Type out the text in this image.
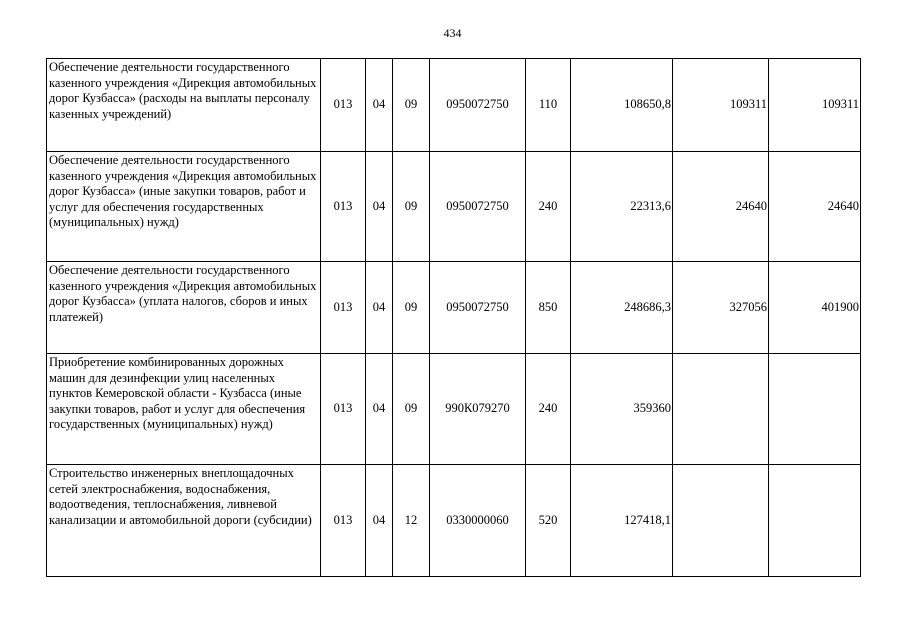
434
Обеспечение деятельности государственного казенного учреждения «Дирекция автомобильных дорог Кузбасса» (расходы на выплаты персоналу казенных учреждений)	013	04	09	0950072750	110	108650,8	109311	109311
Обеспечение деятельности государственного казенного учреждения «Дирекция автомобильных дорог Кузбасса» (иные закупки товаров, работ и услуг для обеспечения государственных (муниципальных) нужд)	013	04	09	0950072750	240	22313,6	24640	24640
Обеспечение деятельности государственного казенного учреждения «Дирекция автомобильных дорог Кузбасса» (уплата налогов, сборов и иных платежей)	013	04	09	0950072750	850	248686,3	327056	401900
Приобретение комбинированных дорожных машин для дезинфекции улиц населенных пунктов Кемеровской области - Кузбасса (иные закупки товаров, работ и услуг для обеспечения государственных (муниципальных) нужд)	013	04	09	990К079270	240	359360		
Строительство инженерных внеплощадочных сетей электроснабжения, водоснабжения, водоотведения, теплоснабжения, ливневой канализации и автомобильной дороги (субсидии)	013	04	12	0330000060	520	127418,1		
